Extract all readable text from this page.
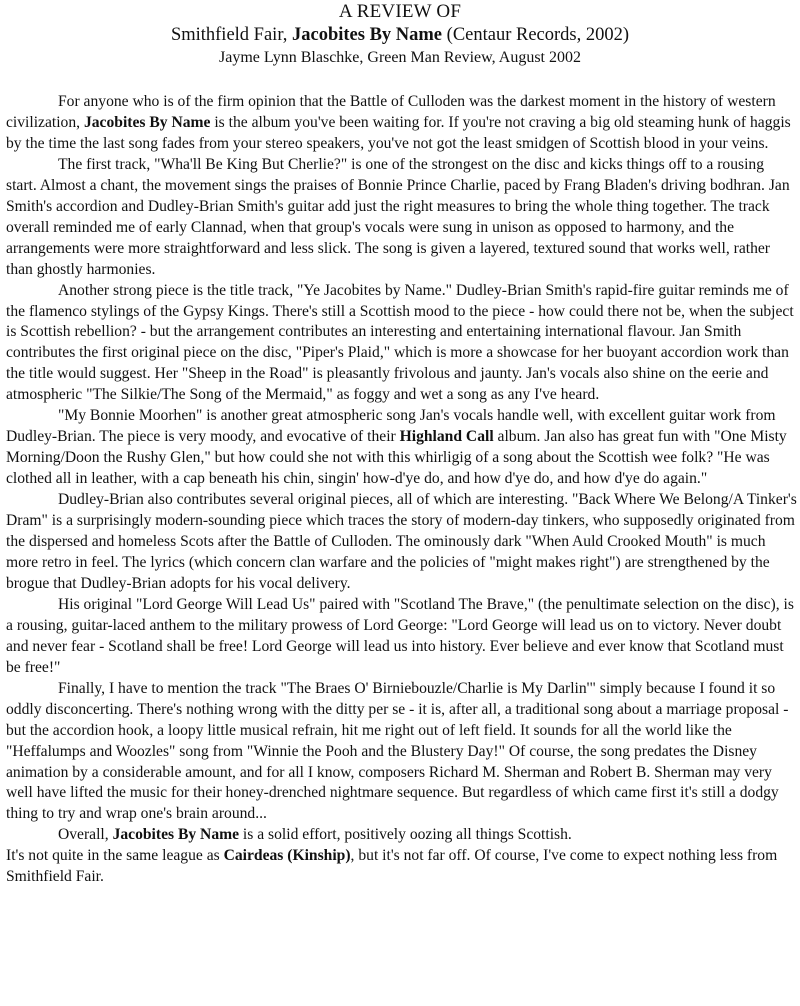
A REVIEW OF
Smithfield Fair, Jacobites By Name (Centaur Records, 2002)
Jayme Lynn Blaschke, Green Man Review, August 2002

For anyone who is of the firm opinion that the Battle of Culloden was the darkest moment in the history of western civilization, Jacobites By Name is the album you've been waiting for. If you're not craving a big old steaming hunk of haggis by the time the last song fades from your stereo speakers, you've not got the least smidgen of Scottish blood in your veins.

The first track, "Wha'll Be King But Cherlie?" is one of the strongest on the disc and kicks things off to a rousing start. Almost a chant, the movement sings the praises of Bonnie Prince Charlie, paced by Frang Bladen's driving bodhran. Jan Smith's accordion and Dudley-Brian Smith's guitar add just the right measures to bring the whole thing together. The track overall reminded me of early Clannad, when that group's vocals were sung in unison as opposed to harmony, and the arrangements were more straightforward and less slick. The song is given a layered, textured sound that works well, rather than ghostly harmonies.

Another strong piece is the title track, "Ye Jacobites by Name." Dudley-Brian Smith's rapid-fire guitar reminds me of the flamenco stylings of the Gypsy Kings. There's still a Scottish mood to the piece - how could there not be, when the subject is Scottish rebellion? - but the arrangement contributes an interesting and entertaining international flavour. Jan Smith contributes the first original piece on the disc, "Piper's Plaid," which is more a showcase for her buoyant accordion work than the title would suggest. Her "Sheep in the Road" is pleasantly frivolous and jaunty. Jan's vocals also shine on the eerie and atmospheric "The Silkie/The Song of the Mermaid," as foggy and wet a song as any I've heard.

"My Bonnie Moorhen" is another great atmospheric song Jan's vocals handle well, with excellent guitar work from Dudley-Brian. The piece is very moody, and evocative of their Highland Call album. Jan also has great fun with "One Misty Morning/Doon the Rushy Glen," but how could she not with this whirligig of a song about the Scottish wee folk? "He was clothed all in leather, with a cap beneath his chin, singin' how-d'ye do, and how d'ye do, and how d'ye do again."

Dudley-Brian also contributes several original pieces, all of which are interesting. "Back Where We Belong/A Tinker's Dram" is a surprisingly modern-sounding piece which traces the story of modern-day tinkers, who supposedly originated from the dispersed and homeless Scots after the Battle of Culloden. The ominously dark "When Auld Crooked Mouth" is much more retro in feel. The lyrics (which concern clan warfare and the policies of "might makes right") are strengthened by the brogue that Dudley-Brian adopts for his vocal delivery.

His original "Lord George Will Lead Us" paired with "Scotland The Brave," (the penultimate selection on the disc), is a rousing, guitar-laced anthem to the military prowess of Lord George: "Lord George will lead us on to victory. Never doubt and never fear - Scotland shall be free! Lord George will lead us into history. Ever believe and ever know that Scotland must be free!"

Finally, I have to mention the track "The Braes O' Birniebouzle/Charlie is My Darlin'" simply because I found it so oddly disconcerting. There's nothing wrong with the ditty per se - it is, after all, a traditional song about a marriage proposal - but the accordion hook, a loopy little musical refrain, hit me right out of left field. It sounds for all the world like the "Heffalumps and Woozles" song from "Winnie the Pooh and the Blustery Day!" Of course, the song predates the Disney animation by a considerable amount, and for all I know, composers Richard M. Sherman and Robert B. Sherman may very well have lifted the music for their honey-drenched nightmare sequence. But regardless of which came first it's still a dodgy thing to try and wrap one's brain around...

Overall, Jacobites By Name is a solid effort, positively oozing all things Scottish.

It's not quite in the same league as Cairdeas (Kinship), but it's not far off. Of course, I've come to expect nothing less from Smithfield Fair.
